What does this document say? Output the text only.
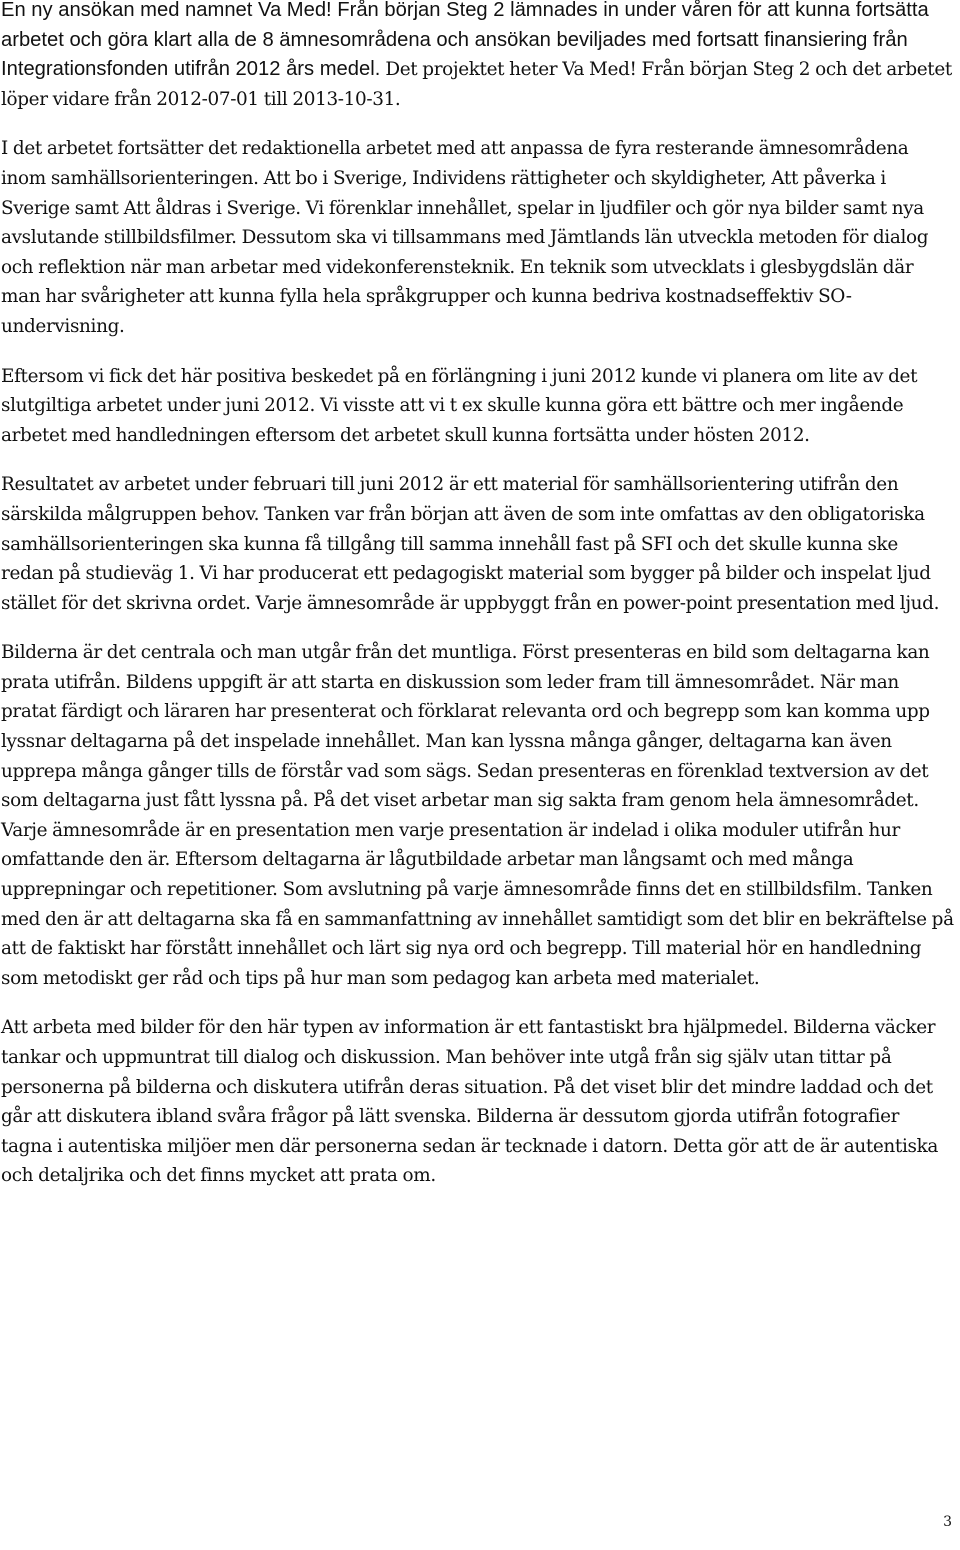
En ny ansökan med namnet Va Med! Från början Steg 2 lämnades in under våren för att kunna fortsätta arbetet och göra klart alla de 8 ämnesområdena och ansökan beviljades med fortsatt finansiering från Integrationsfonden utifrån 2012 års medel. Det projektet heter Va Med! Från början Steg 2 och det arbetet löper vidare från 2012-07-01 till 2013-10-31.

I det arbetet fortsätter det redaktionella arbetet med att anpassa de fyra resterande ämnesområdena inom samhällsorienteringen. Att bo i Sverige, Individens rättigheter och skyldigheter, Att påverka i Sverige samt Att åldras i Sverige. Vi förenklar innehållet, spelar in ljudfiler och gör nya bilder samt nya avslutande stillbildsfilmer. Dessutom ska vi tillsammans med Jämtlands län utveckla metoden för dialog och reflektion när man arbetar med videkonferensteknik. En teknik som utvecklats i glesbygdslän där man har svårigheter att kunna fylla hela språkgrupper och kunna bedriva kostnadseffektiv SO-undervisning.

Eftersom vi fick det här positiva beskedet på en förlängning i juni 2012 kunde vi planera om lite av det slutgiltiga arbetet under juni 2012. Vi visste att vi t ex skulle kunna göra ett bättre och mer ingående arbetet med handledningen eftersom det arbetet skull kunna fortsätta under hösten 2012.

Resultatet av arbetet under februari till juni 2012 är ett material för samhällsorientering utifrån den särskilda målgruppen behov. Tanken var från början att även de som inte omfattas av den obligatoriska samhällsorienteringen ska kunna få tillgång till samma innehåll fast på SFI och det skulle kunna ske redan på studieväg 1. Vi har producerat ett pedagogiskt material som bygger på bilder och inspelat ljud stället för det skrivna ordet. Varje ämnesområde är uppbyggt från en power-point presentation med ljud.

Bilderna är det centrala och man utgår från det muntliga. Först presenteras en bild som deltagarna kan prata utifrån. Bildens uppgift är att starta en diskussion som leder fram till ämnesområdet. När man pratat färdigt och läraren har presenterat och förklarat relevanta ord och begrepp som kan komma upp lyssnar deltagarna på det inspelade innehållet. Man kan lyssna många gånger, deltagarna kan även upprepa många gånger tills de förstår vad som sägs. Sedan presenteras en förenklad textversion av det som deltagarna just fått lyssna på. På det viset arbetar man sig sakta fram genom hela ämnesområdet. Varje ämnesområde är en presentation men varje presentation är indelad i olika moduler utifrån hur omfattande den är. Eftersom deltagarna är lågutbildade arbetar man långsamt och med många upprepningar och repetitioner. Som avslutning på varje ämnesområde finns det en stillbildsfilm. Tanken med den är att deltagarna ska få en sammanfattning av innehållet samtidigt som det blir en bekräftelse på att de faktiskt har förstått innehållet och lärt sig nya ord och begrepp. Till material hör en handledning som metodiskt ger råd och tips på hur man som pedagog kan arbeta med materialet.

Att arbeta med bilder för den här typen av information är ett fantastiskt bra hjälpmedel. Bilderna väcker tankar och uppmuntrat till dialog och diskussion. Man behöver inte utgå från sig själv utan tittar på personerna på bilderna och diskutera utifrån deras situation. På det viset blir det mindre laddad och det går att diskutera ibland svåra frågor på lätt svenska. Bilderna är dessutom gjorda utifrån fotografier tagna i autentiska miljöer men där personerna sedan är tecknade i datorn. Detta gör att de är autentiska och detaljrika och det finns mycket att prata om.

3
